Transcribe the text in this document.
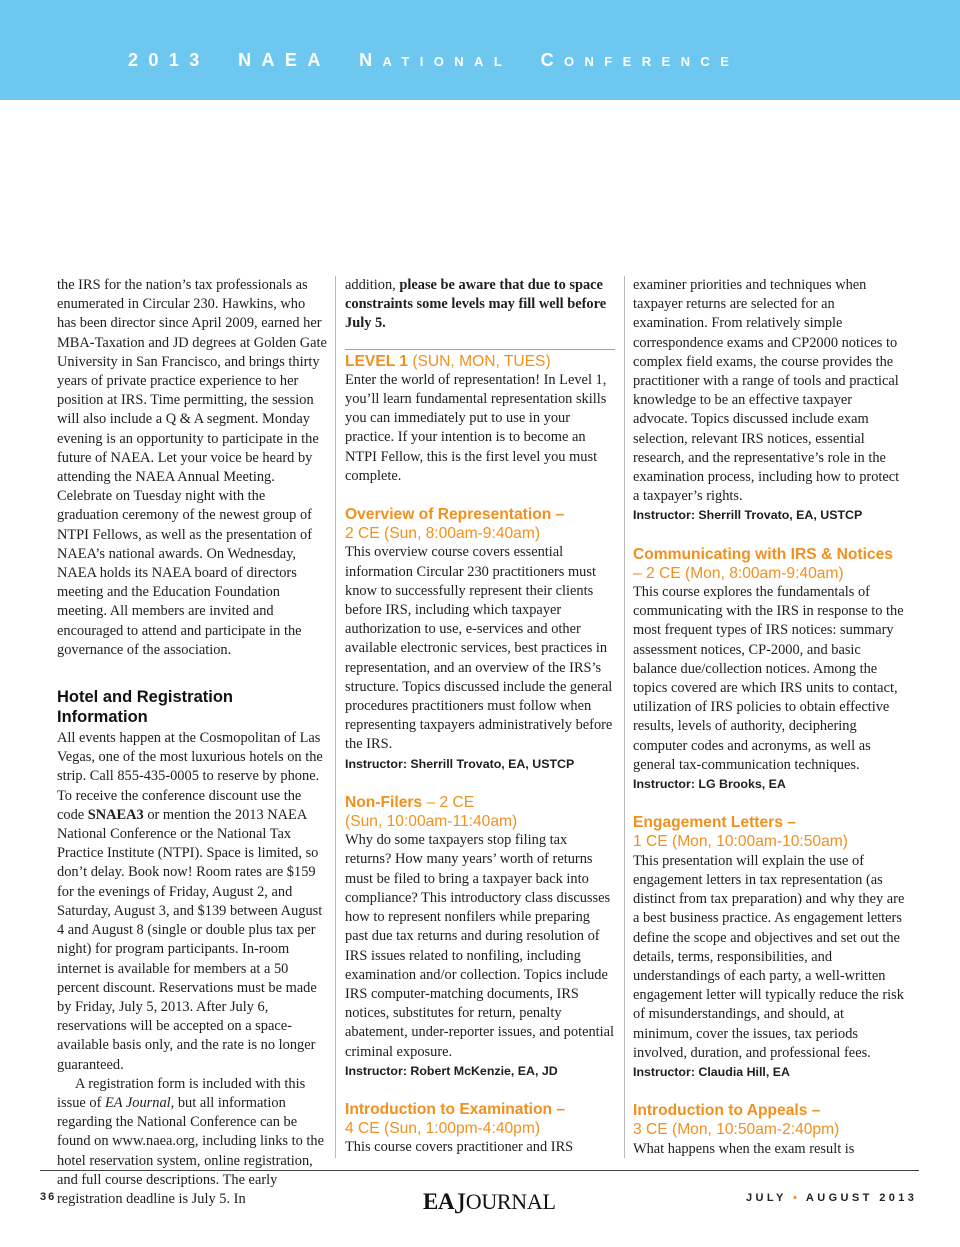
2013  NAEA  NATIONAL  CONFERENCE

the IRS for the nation’s tax professionals as enumerated in Circular 230. Hawkins, who has been director since April 2009, earned her MBA-Taxation and JD degrees at Golden Gate University in San Francisco, and brings thirty years of private practice experience to her position at IRS. Time permitting, the session will also include a Q & A segment. Monday evening is an opportunity to participate in the future of NAEA. Let your voice be heard by attending the NAEA Annual Meeting. Celebrate on Tuesday night with the graduation ceremony of the newest group of NTPI Fellows, as well as the presentation of NAEA’s national awards. On Wednesday, NAEA holds its NAEA board of directors meeting and the Education Foundation meeting. All members are invited and encouraged to attend and participate in the governance of the association.

Hotel and Registration Information

All events happen at the Cosmopolitan of Las Vegas, one of the most luxurious hotels on the strip. Call 855-435-0005 to reserve by phone. To receive the conference discount use the code SNAEA3 or mention the 2013 NAEA National Conference or the National Tax Practice Institute (NTPI). Space is limited, so don’t delay. Book now! Room rates are $159 for the evenings of Friday, August 2, and Saturday, August 3, and $139 between August 4 and August 8 (single or double plus tax per night) for program participants. In-room internet is available for members at a 50 percent discount. Reservations must be made by Friday, July 5, 2013. After July 6, reservations will be accepted on a space-available basis only, and the rate is no longer guaranteed.

A registration form is included with this issue of EA Journal, but all information regarding the National Conference can be found on www.naea.org, including links to the hotel reservation system, online registration, and full course descriptions. The early registration deadline is July 5. In

addition, please be aware that due to space constraints some levels may fill well before July 5.

LEVEL 1 (SUN, MON, TUES)

Enter the world of representation! In Level 1, you’ll learn fundamental representation skills you can immediately put to use in your practice. If your intention is to become an NTPI Fellow, this is the first level you must complete.

Overview of Representation –
2 CE (Sun, 8:00am-9:40am)

This overview course covers essential information Circular 230 practitioners must know to successfully represent their clients before IRS, including which taxpayer authorization to use, e-services and other available electronic services, best practices in representation, and an overview of the IRS’s structure. Topics discussed include the general procedures practitioners must follow when representing taxpayers administratively before the IRS.

Instructor: Sherrill Trovato, EA, USTCP

Non-Filers – 2 CE
(Sun, 10:00am-11:40am)

Why do some taxpayers stop filing tax returns? How many years’ worth of returns must be filed to bring a taxpayer back into compliance? This introductory class discusses how to represent nonfilers while preparing past due tax returns and during resolution of IRS issues related to nonfiling, including examination and/or collection. Topics include IRS computer-matching documents, IRS notices, substitutes for return, penalty abatement, under-reporter issues, and potential criminal exposure.

Instructor: Robert McKenzie, EA, JD

Introduction to Examination –
4 CE (Sun, 1:00pm-4:40pm)

This course covers practitioner and IRS

examiner priorities and techniques when taxpayer returns are selected for an examination. From relatively simple correspondence exams and CP2000 notices to complex field exams, the course provides the practitioner with a range of tools and practical knowledge to be an effective taxpayer advocate. Topics discussed include exam selection, relevant IRS notices, essential research, and the representative’s role in the examination process, including how to protect a taxpayer’s rights.

Instructor: Sherrill Trovato, EA, USTCP

Communicating with IRS & Notices
– 2 CE (Mon, 8:00am-9:40am)

This course explores the fundamentals of communicating with the IRS in response to the most frequent types of IRS notices: summary assessment notices, CP-2000, and basic balance due/collection notices. Among the topics covered are which IRS units to contact, utilization of IRS policies to obtain effective results, levels of authority, deciphering computer codes and acronyms, as well as general tax-communication techniques.

Instructor: LG Brooks, EA

Engagement Letters –
1 CE (Mon, 10:00am-10:50am)

This presentation will explain the use of engagement letters in tax representation (as distinct from tax preparation) and why they are a best business practice. As engagement letters define the scope and objectives and set out the details, terms, responsibilities, and understandings of each party, a well-written engagement letter will typically reduce the risk of misunderstandings, and should, at minimum, cover the issues, tax periods involved, duration, and professional fees.

Instructor: Claudia Hill, EA

Introduction to Appeals –
3 CE (Mon, 10:50am-2:40pm)

What happens when the exam result is

36	EAJOURNAL	JULY • AUGUST 2013
